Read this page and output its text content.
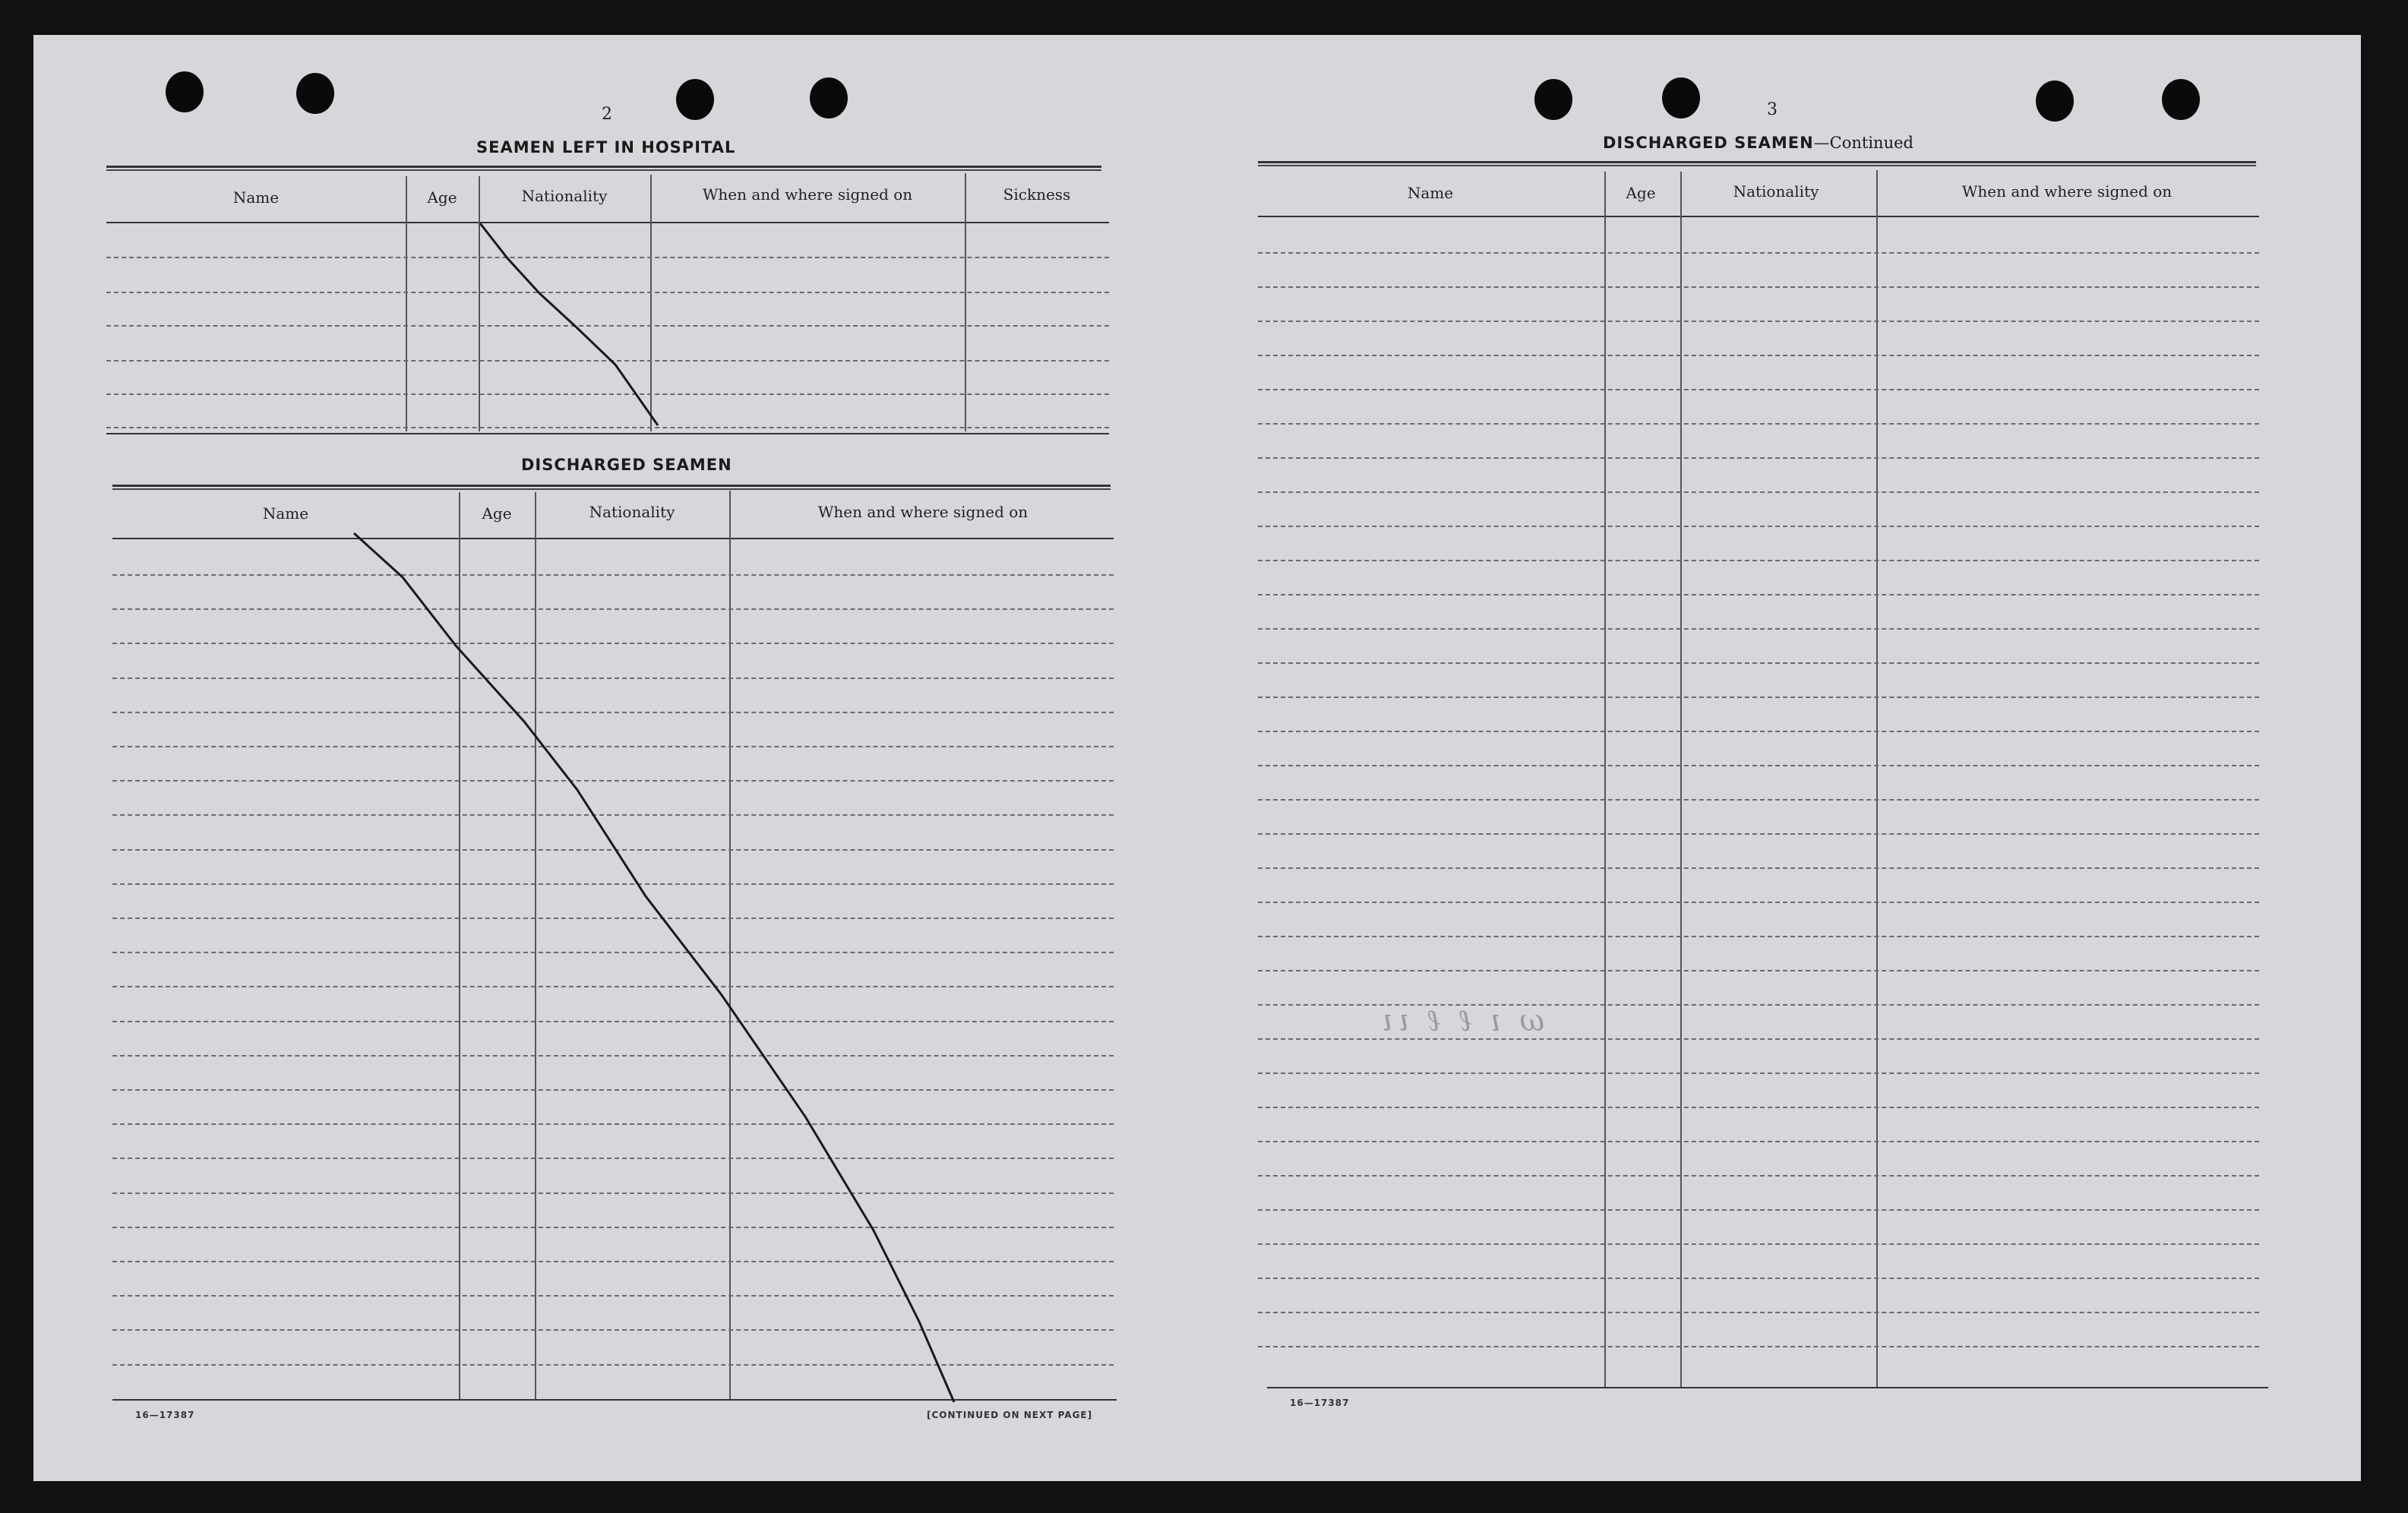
2
SEAMEN LEFT IN HOSPITAL
Name	Age	Nationality	When and where signed on	Sickness
DISCHARGED SEAMEN
Name	Age	Nationality	When and where signed on
16—17387	[CONTINUED ON NEXT PAGE]
3
DISCHARGED SEAMEN—Continued
Name	Age	Nationality	When and where signed on
16—17387
ω ı ℓ ℓ ιι
